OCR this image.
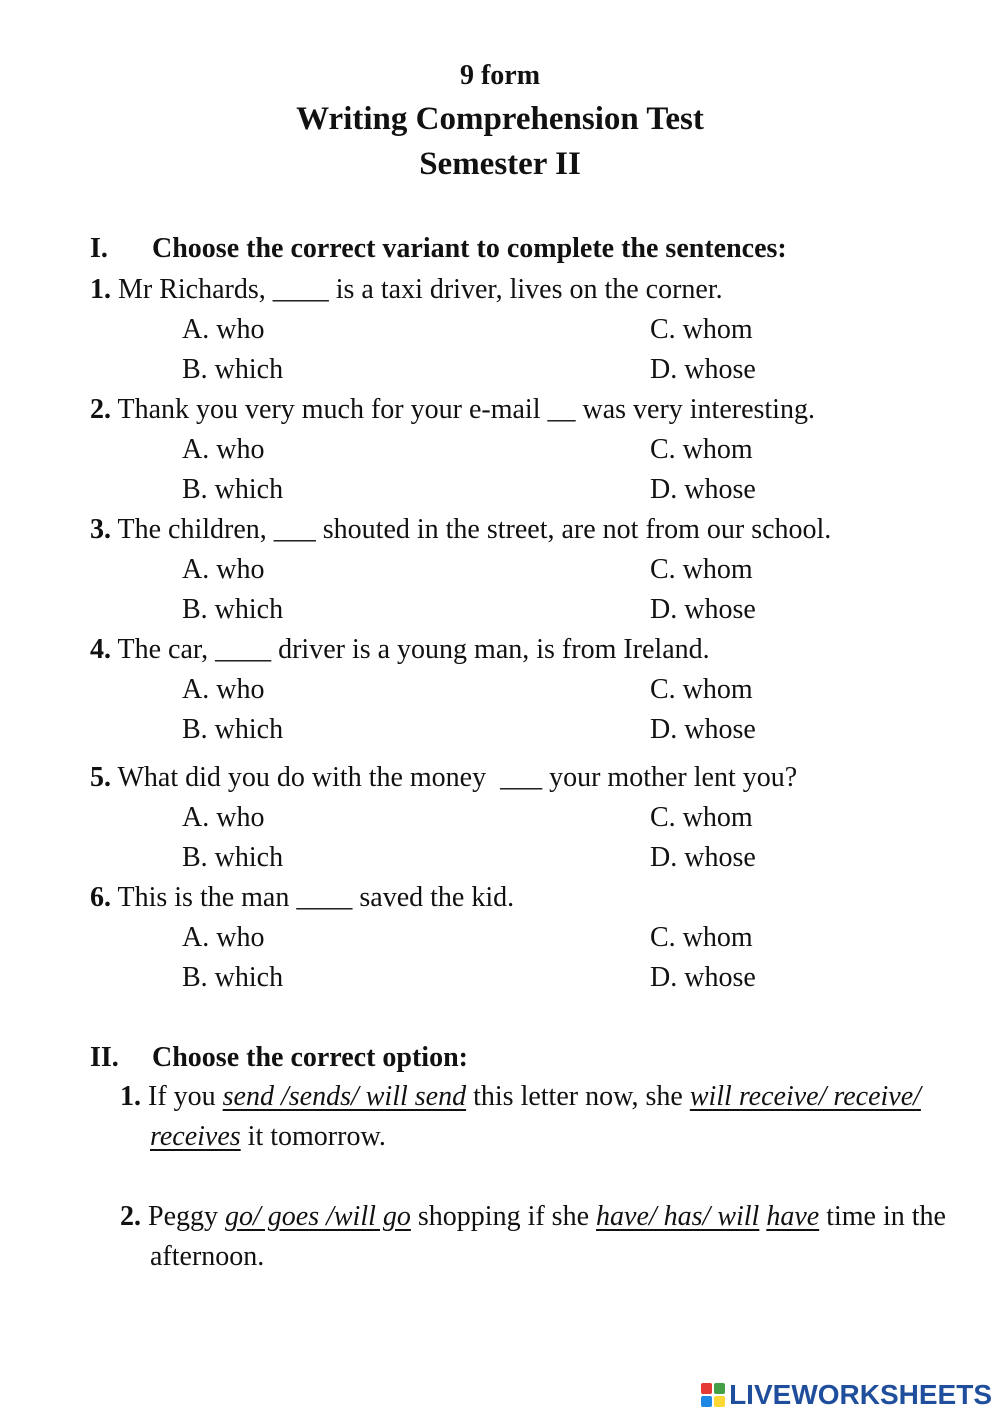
9 form
Writing Comprehension Test
Semester II
I. Choose the correct variant to complete the sentences:
1. Mr Richards, ____ is a taxi driver, lives on the corner.
A. who	C. whom
B. which	D. whose
2. Thank you very much for your e-mail __ was very interesting.
A. who	C. whom
B. which	D. whose
3. The children, ___ shouted in the street, are not from our school.
A. who	C. whom
B. which	D. whose
4. The car, ____ driver is a young man, is from Ireland.
A. who	C. whom
B. which	D. whose
5. What did you do with the money  ___ your mother lent you?
A. who	C. whom
B. which	D. whose
6. This is the man ____ saved the kid.
A. who	C. whom
B. which	D. whose
II. Choose the correct option:
1. If you send /sends/ will send this letter now, she will receive/ receive/ receives it tomorrow.
2. Peggy go/ goes /will go shopping if she have/ has/ will have time in the afternoon.
LIVEWORKSHEETS
